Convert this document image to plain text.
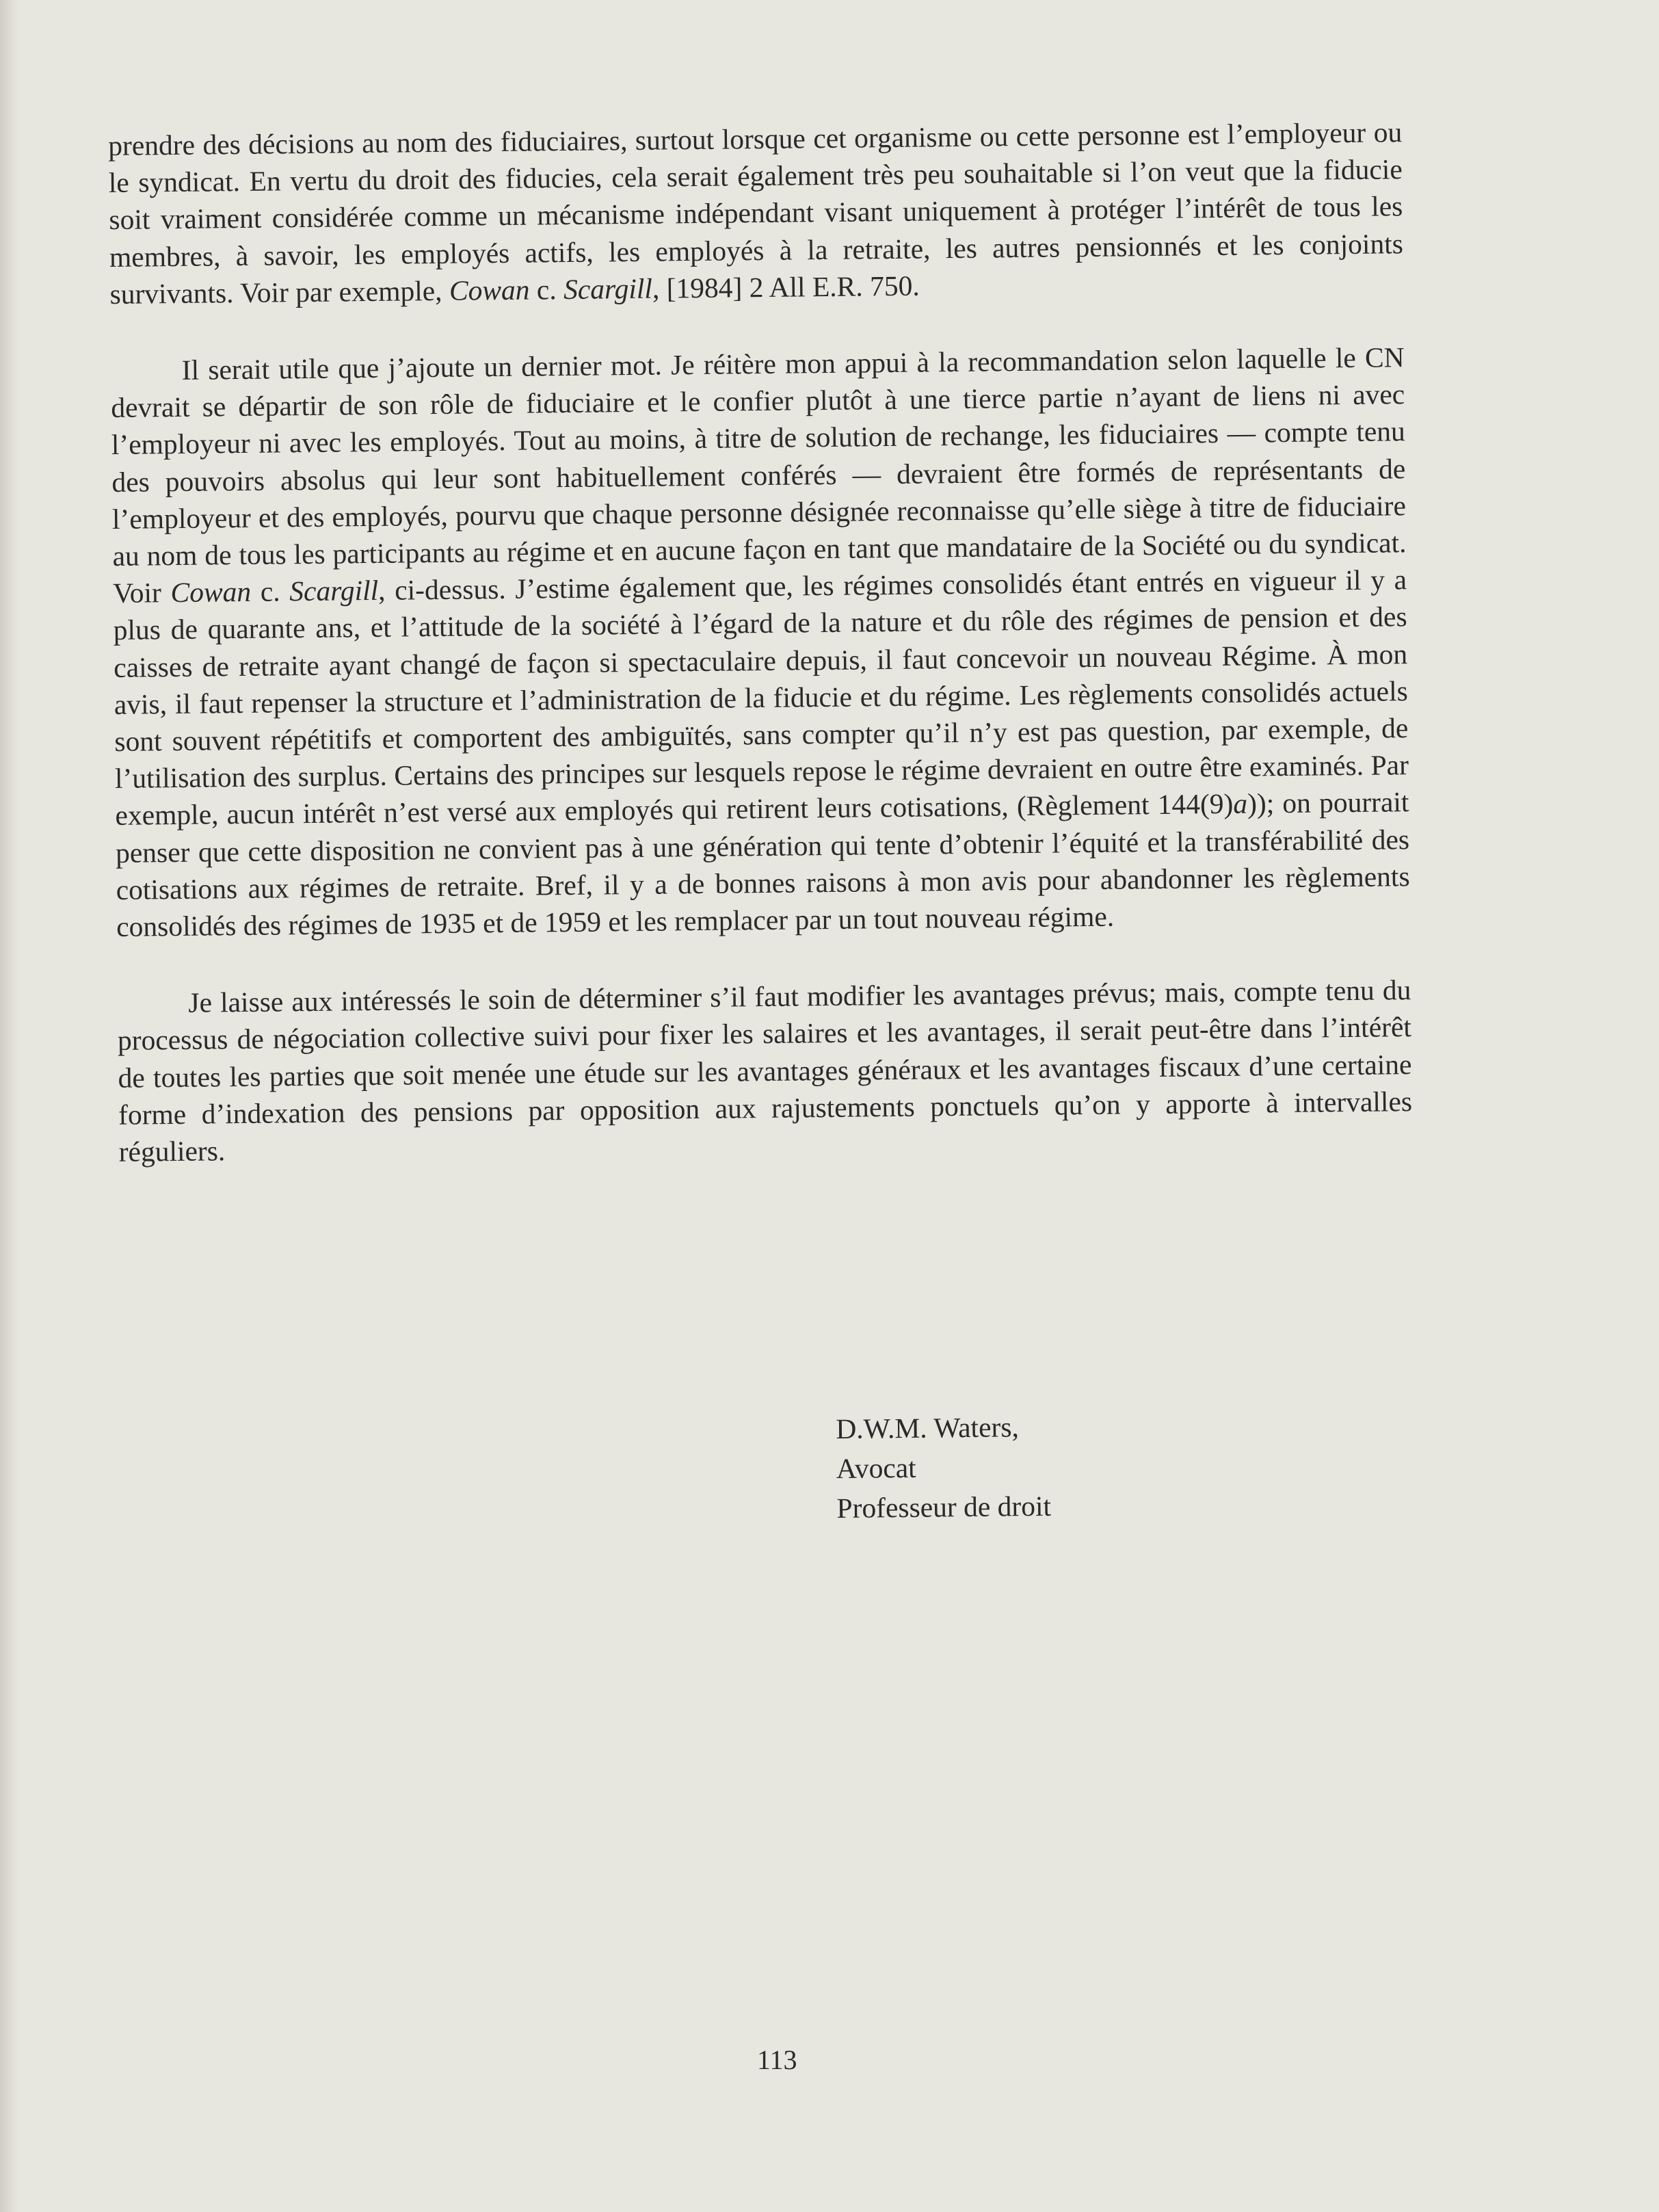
prendre des décisions au nom des fiduciaires, surtout lorsque cet organisme ou cette personne est l’employeur ou le syndicat. En vertu du droit des fiducies, cela serait également très peu souhaitable si l’on veut que la fiducie soit vraiment considérée comme un mécanisme indépendant visant uniquement à protéger l’intérêt de tous les membres, à savoir, les employés actifs, les employés à la retraite, les autres pensionnés et les conjoints survivants. Voir par exemple, Cowan c. Scargill, [1984] 2 All E.R. 750.

Il serait utile que j’ajoute un dernier mot. Je réitère mon appui à la recommandation selon laquelle le CN devrait se départir de son rôle de fiduciaire et le confier plutôt à une tierce partie n’ayant de liens ni avec l’employeur ni avec les employés. Tout au moins, à titre de solution de rechange, les fiduciaires — compte tenu des pouvoirs absolus qui leur sont habituellement conférés — devraient être formés de représentants de l’employeur et des employés, pourvu que chaque personne désignée reconnaisse qu’elle siège à titre de fiduciaire au nom de tous les participants au régime et en aucune façon en tant que mandataire de la Société ou du syndicat. Voir Cowan c. Scargill, ci-dessus. J’estime également que, les régimes consolidés étant entrés en vigueur il y a plus de quarante ans, et l’attitude de la société à l’égard de la nature et du rôle des régimes de pension et des caisses de retraite ayant changé de façon si spectaculaire depuis, il faut concevoir un nouveau Régime. À mon avis, il faut repenser la structure et l’administration de la fiducie et du régime. Les règlements consolidés actuels sont souvent répétitifs et comportent des ambiguïtés, sans compter qu’il n’y est pas question, par exemple, de l’utilisation des surplus. Certains des principes sur lesquels repose le régime devraient en outre être examinés. Par exemple, aucun intérêt n’est versé aux employés qui retirent leurs cotisations, (Règlement 144(9)a)); on pourrait penser que cette disposition ne convient pas à une génération qui tente d’obtenir l’équité et la transférabilité des cotisations aux régimes de retraite. Bref, il y a de bonnes raisons à mon avis pour abandonner les règlements consolidés des régimes de 1935 et de 1959 et les remplacer par un tout nouveau régime.

Je laisse aux intéressés le soin de déterminer s’il faut modifier les avantages prévus; mais, compte tenu du processus de négociation collective suivi pour fixer les salaires et les avantages, il serait peut-être dans l’intérêt de toutes les parties que soit menée une étude sur les avantages généraux et les avantages fiscaux d’une certaine forme d’indexation des pensions par opposition aux rajustements ponctuels qu’on y apporte à intervalles réguliers.

D.W.M. Waters,
Avocat
Professeur de droit
113
